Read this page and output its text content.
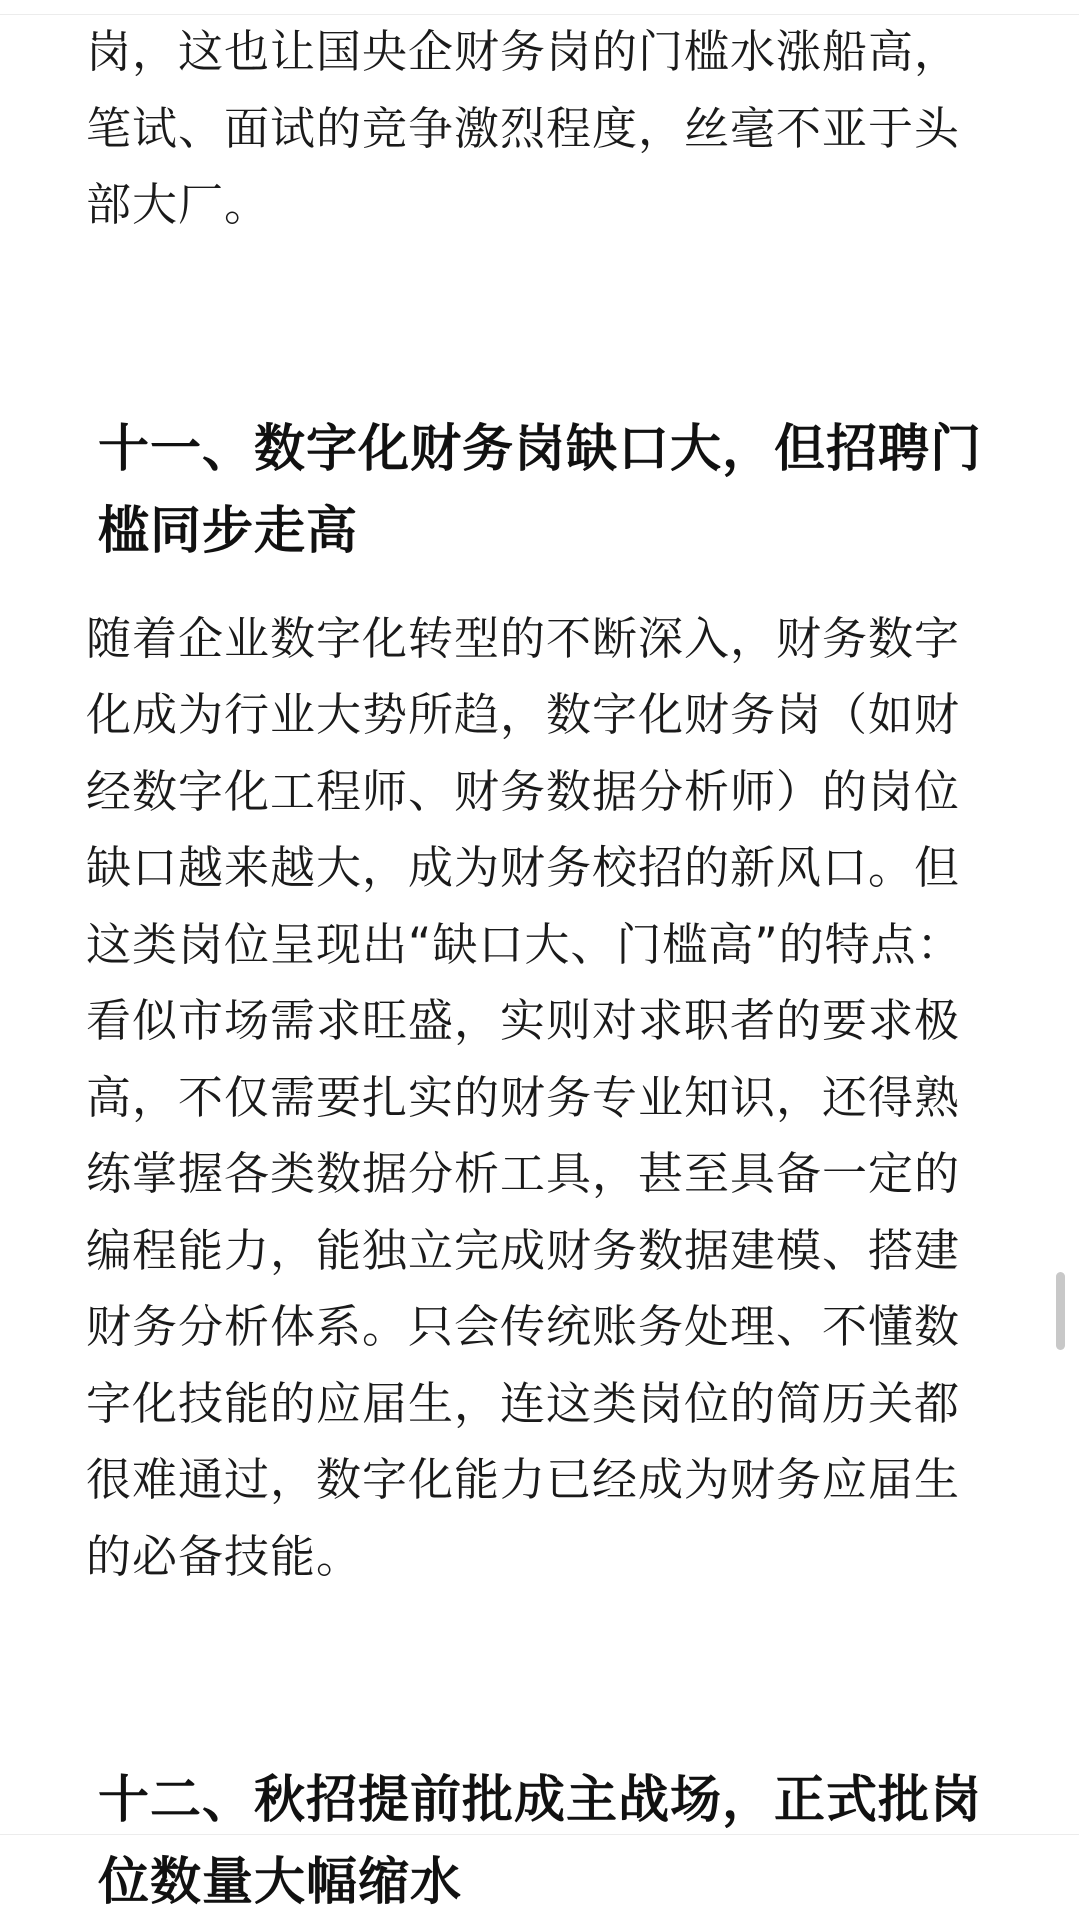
岗，这也让国央企财务岗的门槛水涨船高，笔试、面试的竞争激烈程度，丝毫不亚于头部大厂。

十一、数字化财务岗缺口大，但招聘门槛同步走高

随着企业数字化转型的不断深入，财务数字化成为行业大势所趋，数字化财务岗（如财经数字化工程师、财务数据分析师）的岗位缺口越来越大，成为财务校招的新风口。但这类岗位呈现出“缺口大、门槛高”的特点：看似市场需求旺盛，实则对求职者的要求极高，不仅需要扎实的财务专业知识，还得熟练掌握各类数据分析工具，甚至具备一定的编程能力，能独立完成财务数据建模、搭建财务分析体系。只会传统账务处理、不懂数字化技能的应届生，连这类岗位的简历关都很难通过，数字化能力已经成为财务应届生的必备技能。

十二、秋招提前批成主战场，正式批岗位数量大幅缩水
